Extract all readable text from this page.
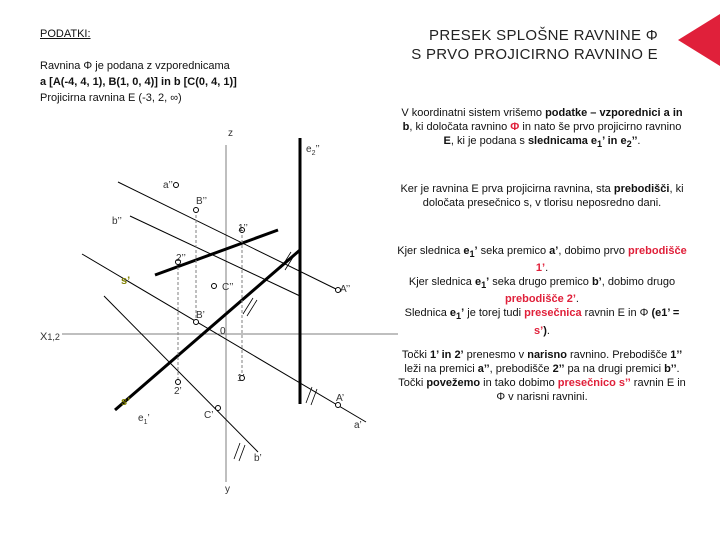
PRESEK SPLOŠNE RAVNINE Φ
S PRVO PROJICIRNO RAVNINO E
PODATKI:
Ravnina Φ je podana z vzporednicama
a [A(-4, 4, 1), B(1, 0, 4)] in b [C(0, 4, 1)]
Projicirna ravnina E (-3, 2, ∞)
V koordinatni sistem vrišemo podatke – vzporednici a in b, ki določata ravnino Φ in nato še prvo projicirno ravnino E, ki je podana s slednicama $e_1$’ in $e_2$’’.
Ker je ravnina E prva projicirna ravnina, sta prebodišči, ki določata presečnico s, v tlorisu neposredno dani.
Kjer slednica $e_1$’ seka premico a’, dobimo prvo prebodišče 1’.
Kjer slednica $e_1$’ seka drugo premico b’, dobimo drugo prebodišče 2’.
Slednica $e_1$’ je torej tudi presečnica ravnin E in Φ (e1’ = s’).
Točki 1’ in 2’ prenesmo v narisno ravnino. Prebodišče 1’’ leži na premici a’’, prebodišče 2’’ pa na drugi premici b’’.
Točki povežemo in tako dobimo presečnico s’’ ravnin E in Φ v narisni ravnini.
z
$e_2$’’
a’’
B’’
b’’
1’’
2’’
s’
C’’	A’’
B’
0
X1,2
1’
2’
s’	A’
$e_1$’	C’
a’
b’
y
